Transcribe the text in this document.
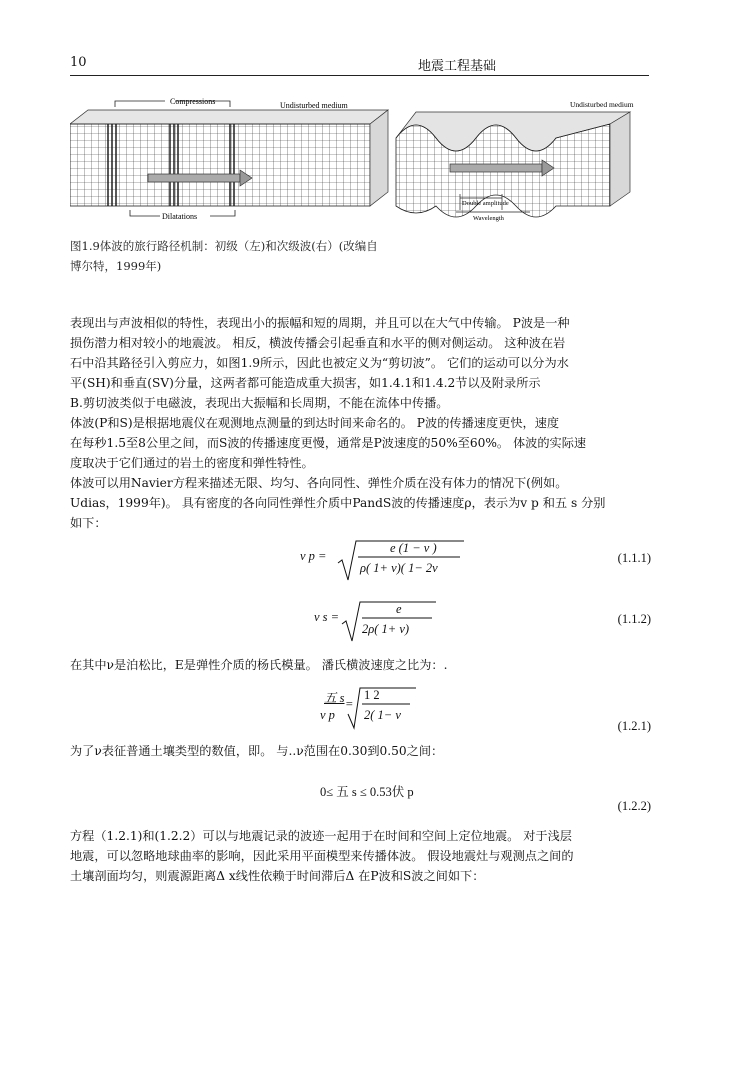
10	地震工程基础
Compressions
Dilatations
Undisturbed medium
Double amplitude
Wavelength
Undisturbed medium
图1.9体波的旅行路径机制：初级（左)和次级波(右）(改编自
博尔特，1999年)

表现出与声波相似的特性，表现出小的振幅和短的周期，并且可以在大气中传输。 P波是一种

损伤潜力相对较小的地震波。 相反，横波传播会引起垂直和水平的侧对侧运动。 这种波在岩

石中沿其路径引入剪应力，如图1.9所示，因此也被定义为“剪切波”。 它们的运动可以分为水

平(SH)和垂直(SV)分量，这两者都可能造成重大损害，如1.4.1和1.4.2节以及附录所示

B.剪切波类似于电磁波，表现出大振幅和长周期，不能在流体中传播。

体波(P和S)是根据地震仪在观测地点测量的到达时间来命名的。 P波的传播速度更快，速度

在每秒1.5至8公里之间，而S波的传播速度更慢，通常是P波速度的50%至60%。 体波的实际速

度取决于它们通过的岩土的密度和弹性特性。

体波可以用Navier方程来描述无限、均匀、各向同性、弹性介质在没有体力的情况下(例如。

Udias，1999年)。 具有密度的各向同性弹性介质中PandS波的传播速度ρ，表示为v p 和五 s 分别

如下：

v p =
e (1 − ν )
ρ( 1+ ν)( 1− 2ν
(1.1.1)
v s =
e
2ρ( 1+ ν)
(1.1.2)

在其中ν是泊松比，E是弹性介质的杨氏模量。 潘氏横波速度之比为：.

五 s
v p
=
1 2
2( 1− ν
(1.2.1)

为了ν表征普通土壤类型的数值，即。 与..ν范围在0.30到0.50之间：

0≤ 五 s ≤ 0.53伏 p
(1.2.2)

方程（1.2.1)和(1.2.2）可以与地震记录的波迹一起用于在时间和空间上定位地震。 对于浅层

地震，可以忽略地球曲率的影响，因此采用平面模型来传播体波。 假设地震灶与观测点之间的

土壤剖面均匀，则震源距离Δ x线性依赖于时间滞后Δ 在P波和S波之间如下：
